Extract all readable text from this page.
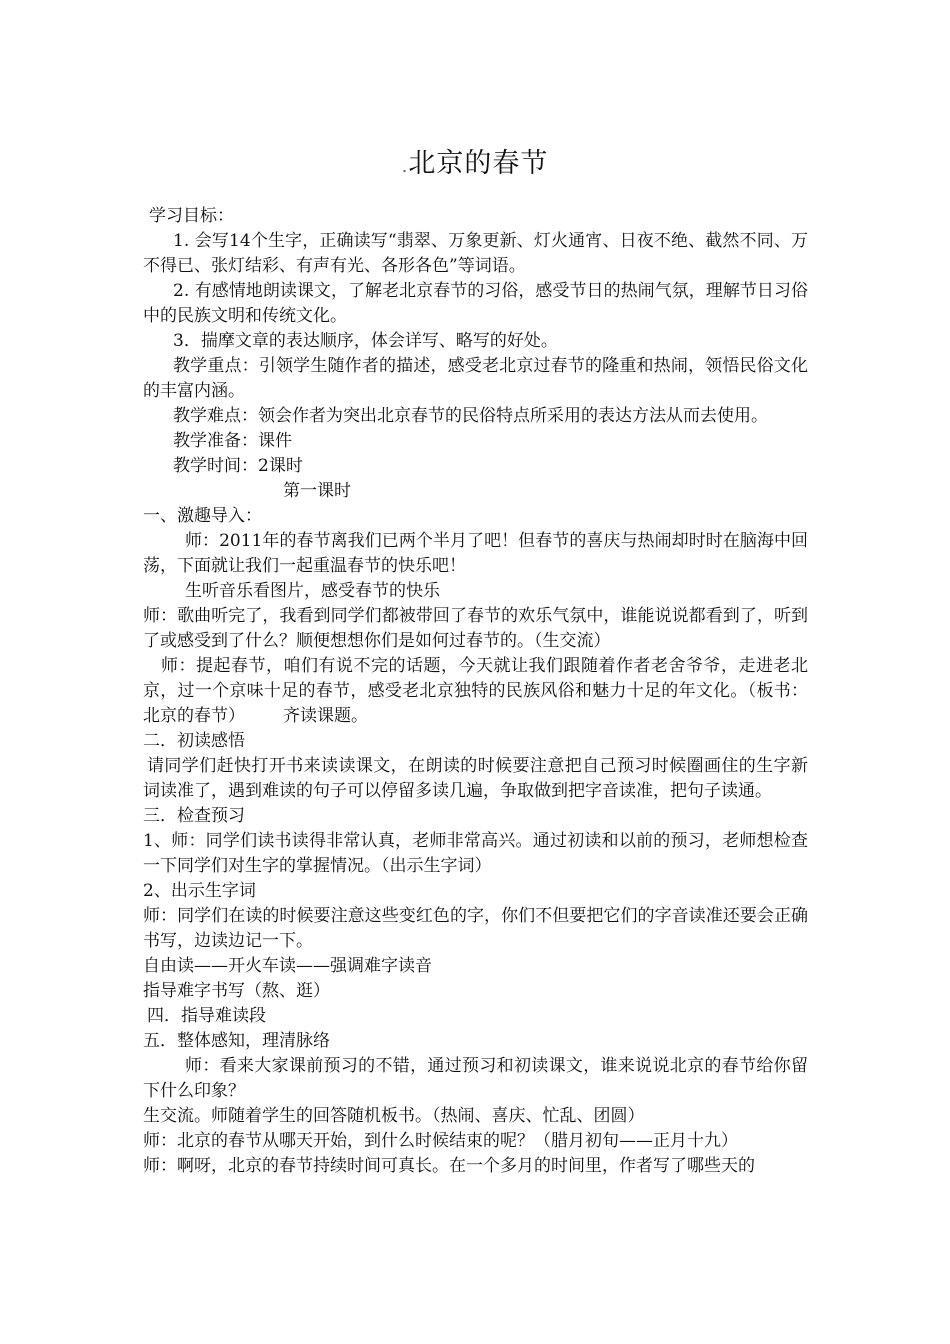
.北京的春节

学习目标：

1. 会写14个生字，正确读写“翡翠、万象更新、灯火通宵、日夜不绝、截然不同、万不得已、张灯结彩、有声有光、各形各色”等词语。

2. 有感情地朗读课文，了解老北京春节的习俗，感受节日的热闹气氛，理解节日习俗中的民族文明和传统文化。

3．揣摩文章的表达顺序，体会详写、略写的好处。

教学重点：引领学生随作者的描述，感受老北京过春节的隆重和热闹，领悟民俗文化的丰富内涵。

教学难点：领会作者为突出北京春节的民俗特点所采用的表达方法从而去使用。

教学准备：课件

教学时间：2课时

第一课时

一、激趣导入：

师：2011年的春节离我们已两个半月了吧！但春节的喜庆与热闹却时时在脑海中回荡，下面就让我们一起重温春节的快乐吧！

生听音乐看图片，感受春节的快乐

师：歌曲听完了，我看到同学们都被带回了春节的欢乐气氛中，谁能说说都看到了，听到了或感受到了什么？顺便想想你们是如何过春节的。（生交流）

师：提起春节，咱们有说不完的话题，今天就让我们跟随着作者老舍爷爷，走进老北京，过一个京味十足的春节，感受老北京独特的民族风俗和魅力十足的年文化。（板书：北京的春节） 齐读课题。

二．初读感悟

请同学们赶快打开书来读读课文，在朗读的时候要注意把自己预习时候圈画住的生字新词读准了，遇到难读的句子可以停留多读几遍，争取做到把字音读准，把句子读通。

三．检查预习

1、师：同学们读书读得非常认真，老师非常高兴。通过初读和以前的预习，老师想检查一下同学们对生字的掌握情况。（出示生字词）

2、出示生字词

师：同学们在读的时候要注意这些变红色的字，你们不但要把它们的字音读准还要会正确书写，边读边记一下。

自由读——开火车读——强调难字读音

指导难字书写（熬、逛）

四．指导难读段

五．整体感知，理清脉络

师：看来大家课前预习的不错，通过预习和初读课文，谁来说说北京的春节给你留下什么印象？

生交流。师随着学生的回答随机板书。（热闹、喜庆、忙乱、团圆）

师：北京的春节从哪天开始，到什么时候结束的呢？（腊月初旬——正月十九）

师：啊呀，北京的春节持续时间可真长。在一个多月的时间里，作者写了哪些天的
